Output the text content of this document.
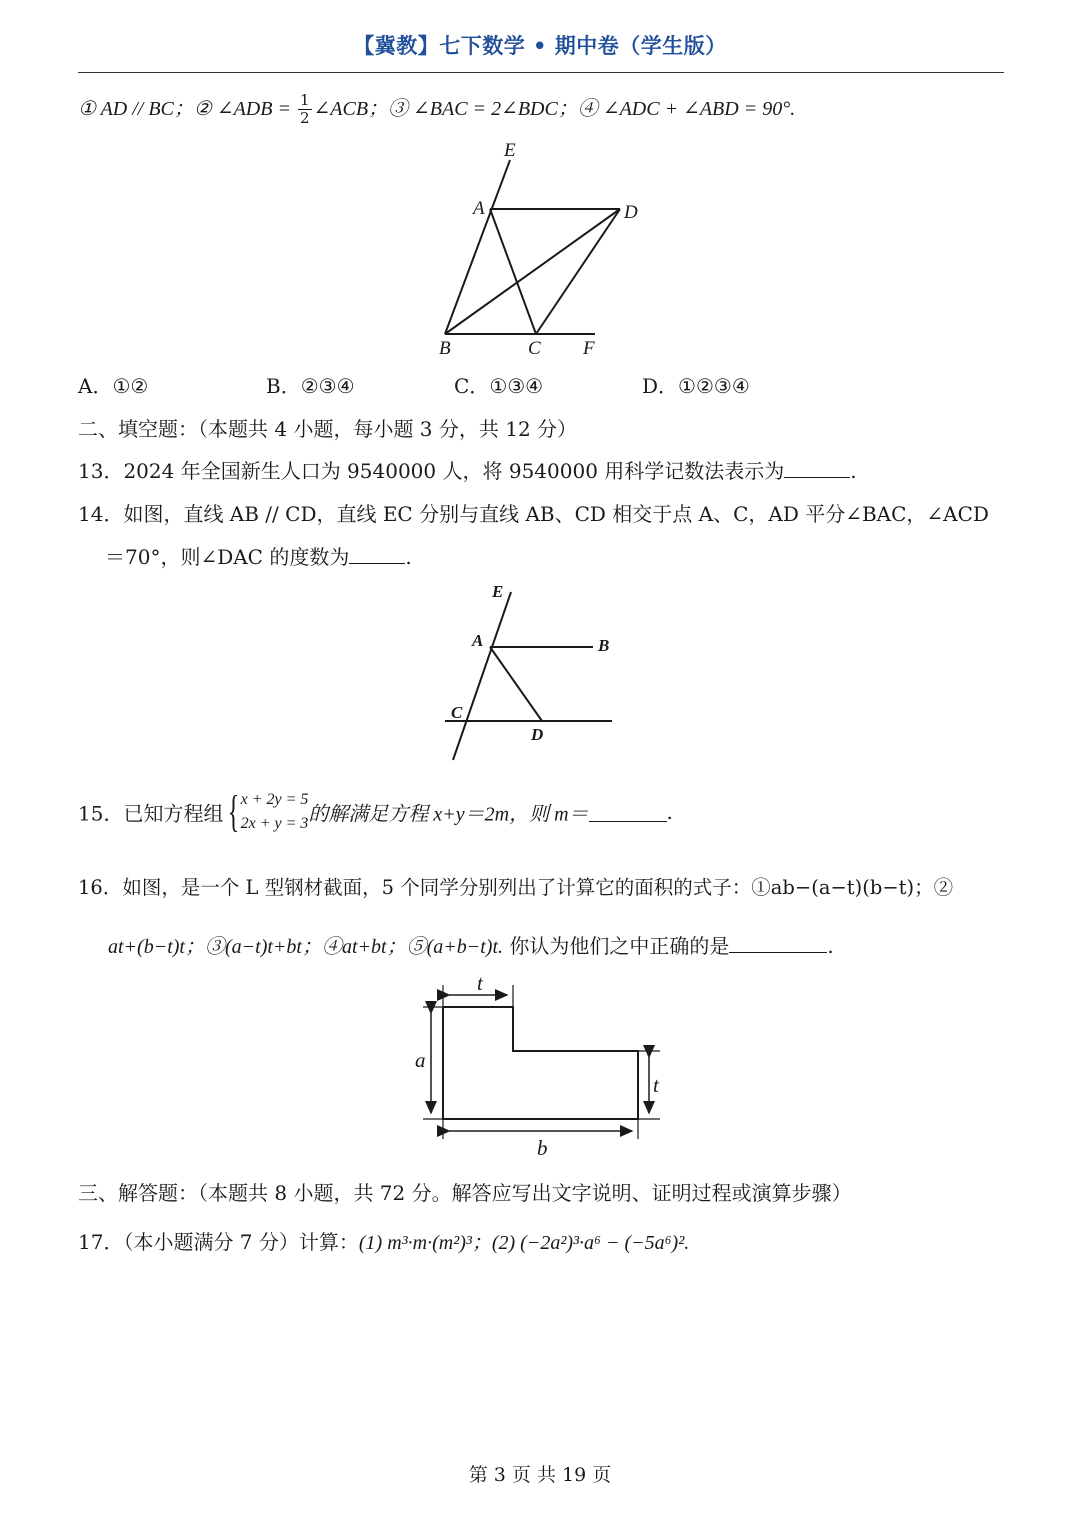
【冀教】七下数学 • 期中卷（学生版）
① AD // BC；② ∠ADB = $\frac{1}{2}$ ∠ACB；③ ∠BAC = 2∠BDC；④ ∠ADC + ∠ABD = 90°.
E
A	D
B	C F
A．①②	B．②③④	C．①③④	D．①②③④
二、填空题：（本题共 4 小题，每小题 3 分，共 12 分）
13．2024 年全国新生人口为 9540000 人，将 9540000 用科学记数法表示为	.
14．如图，直线 AB // CD，直线 EC 分别与直线 AB、CD 相交于点 A、C，AD 平分∠BAC，∠ACD
＝70°，则∠DAC 的度数为	.
E
A	B
C
D
15．已知方程组 { x + 2y = 5
2x + y = 3 的解满足方程 x+y＝2m，则 m＝	.
16．如图，是一个 L 型钢材截面，5 个同学分别列出了计算它的面积的式子：①ab−(a−t)(b−t)；②
at+(b−t)t；③(a−t)t+bt；④at+bt；⑤(a+b−t)t. 你认为他们之中正确的是	.
t
a
t
b
三、解答题：（本题共 8 小题，共 72 分。解答应写出文字说明、证明过程或演算步骤）
17．（本小题满分 7 分）计算：(1) m³·m·(m²)³；(2) (−2a²)³·a⁶ − (−5a⁶)².
第 3 页 共 19 页
